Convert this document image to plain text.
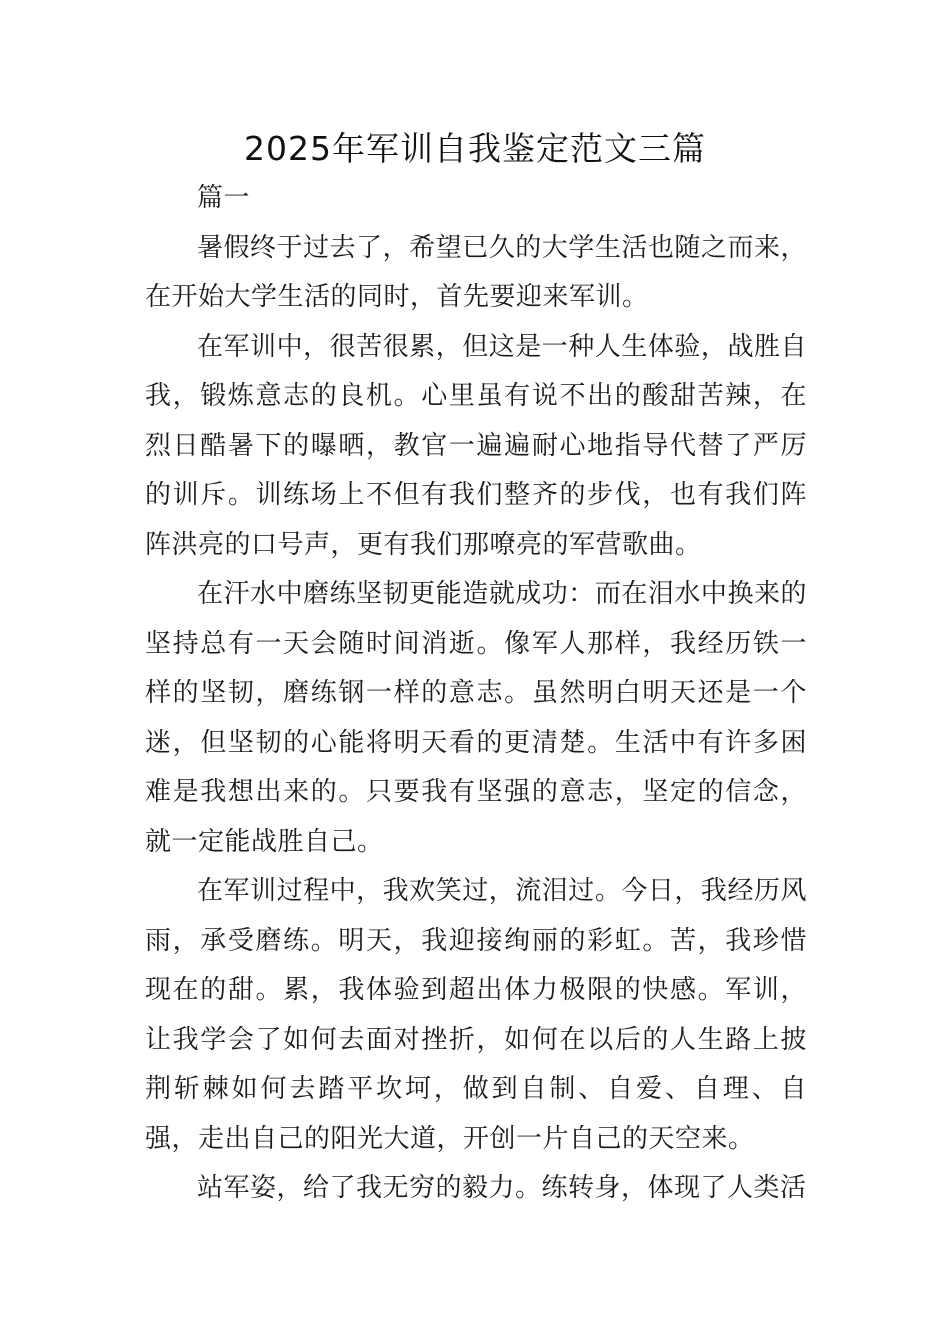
2025年军训自我鉴定范文三篇

篇一

暑假终于过去了，希望已久的大学生活也随之而来，在开始大学生活的同时，首先要迎来军训。

在军训中，很苦很累，但这是一种人生体验，战胜自我，锻炼意志的良机。心里虽有说不出的酸甜苦辣，在烈日酷暑下的曝晒，教官一遍遍耐心地指导代替了严厉的训斥。训练场上不但有我们整齐的步伐，也有我们阵阵洪亮的口号声，更有我们那嘹亮的军营歌曲。

在汗水中磨练坚韧更能造就成功：而在泪水中换来的坚持总有一天会随时间消逝。像军人那样，我经历铁一样的坚韧，磨练钢一样的意志。虽然明白明天还是一个迷，但坚韧的心能将明天看的更清楚。生活中有许多困难是我想出来的。只要我有坚强的意志，坚定的信念，就一定能战胜自己。

在军训过程中，我欢笑过，流泪过。今日，我经历风雨，承受磨练。明天，我迎接绚丽的彩虹。苦，我珍惜现在的甜。累，我体验到超出体力极限的快感。军训，让我学会了如何去面对挫折，如何在以后的人生路上披荆斩棘如何去踏平坎坷，做到自制、自爱、自理、自强，走出自己的阳光大道，开创一片自己的天空来。

站军姿，给了我无穷的毅力。练转身，体现了人类活
